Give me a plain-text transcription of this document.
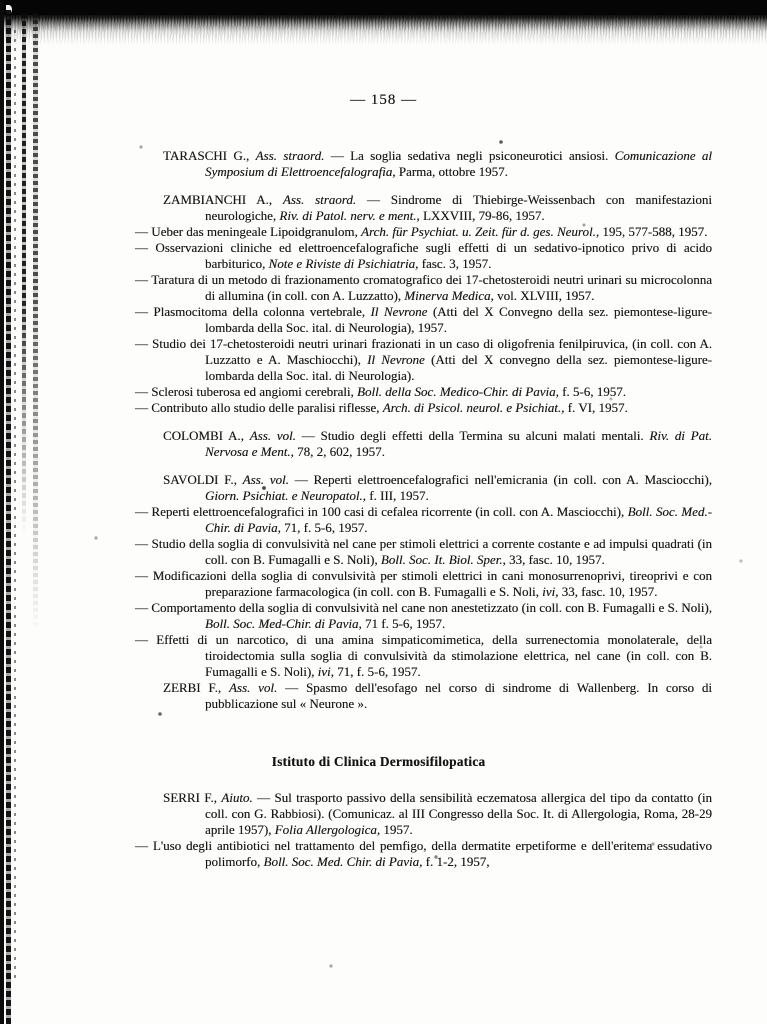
— 158 —

TARASCHI G., Ass. straord. — La soglia sedativa negli psiconeurotici ansiosi. Comunicazione al Symposium di Elettroencefalografia, Parma, ottobre 1957.

ZAMBIANCHI A., Ass. straord. — Sindrome di Thiebirge-Weissenbach con manifestazioni neurologiche, Riv. di Patol. nerv. e ment., LXXVIII, 79-86, 1957.

— Ueber das meningeale Lipoidgranulom, Arch. für Psychiat. u. Zeit. für d. ges. Neurol., 195, 577-588, 1957.

— Osservazioni cliniche ed elettroencefalografiche sugli effetti di un sedativo-ipnotico privo di acido barbiturico, Note e Riviste di Psichiatria, fasc. 3, 1957.

— Taratura di un metodo di frazionamento cromatografico dei 17-chetosteroidi neutri urinari su microcolonna di allumina (in coll. con A. Luzzatto), Minerva Medica, vol. XLVIII, 1957.

— Plasmocitoma della colonna vertebrale, Il Nevrone (Atti del X Convegno della sez. piemontese-ligure-lombarda della Soc. ital. di Neurologia), 1957.

— Studio dei 17-chetosteroidi neutri urinari frazionati in un caso di oligofrenia fenilpiruvica, (in coll. con A. Luzzatto e A. Maschiocchi), Il Nevrone (Atti del X convegno della sez. piemontese-ligure-lombarda della Soc. ital. di Neurologia).

— Sclerosi tuberosa ed angiomi cerebrali, Boll. della Soc. Medico-Chir. di Pavia, f. 5-6, 1957.

— Contributo allo studio delle paralisi riflesse, Arch. di Psicol. neurol. e Psichiat., f. VI, 1957.

COLOMBI A., Ass. vol. — Studio degli effetti della Termina su alcuni malati mentali. Riv. di Pat. Nervosa e Ment., 78, 2, 602, 1957.

SAVOLDI F., Ass. vol. — Reperti elettroencefalografici nell'emicrania (in coll. con A. Masciocchi), Giorn. Psichiat. e Neuropatol., f. III, 1957.

— Reperti elettroencefalografici in 100 casi di cefalea ricorrente (in coll. con A. Masciocchi), Boll. Soc. Med.-Chir. di Pavia, 71, f. 5-6, 1957.

— Studio della soglia di convulsività nel cane per stimoli elettrici a corrente costante e ad impulsi quadrati (in coll. con B. Fumagalli e S. Noli), Boll. Soc. It. Biol. Sper., 33, fasc. 10, 1957.

— Modificazioni della soglia di convulsività per stimoli elettrici in cani monosurrenoprivi, tireoprivi e con preparazione farmacologica (in coll. con B. Fumagalli e S. Noli, ivi, 33, fasc. 10, 1957.

— Comportamento della soglia di convulsività nel cane non anestetizzato (in coll. con B. Fumagalli e S. Noli), Boll. Soc. Med-Chir. di Pavia, 71 f. 5-6, 1957.

— Effetti di un narcotico, di una amina simpaticomimetica, della surrenectomia monolaterale, della tiroidectomia sulla soglia di convulsività da stimolazione elettrica, nel cane (in coll. con B. Fumagalli e S. Noli), ivi, 71, f. 5-6, 1957.

ZERBI F., Ass. vol. — Spasmo dell'esofago nel corso di sindrome di Wallenberg. In corso di pubblicazione sul « Neurone ».

Istituto di Clinica Dermosifilopatica

SERRI F., Aiuto. — Sul trasporto passivo della sensibilità eczematosa allergica del tipo da contatto (in coll. con G. Rabbiosi). (Comunicaz. al III Congresso della Soc. It. di Allergologia, Roma, 28-29 aprile 1957), Folia Allergologica, 1957.

— L'uso degli antibiotici nel trattamento del pemfigo, della dermatite erpetiforme e dell'eritema essudativo polimorfo, Boll. Soc. Med. Chir. di Pavia, f. 1-2, 1957,
